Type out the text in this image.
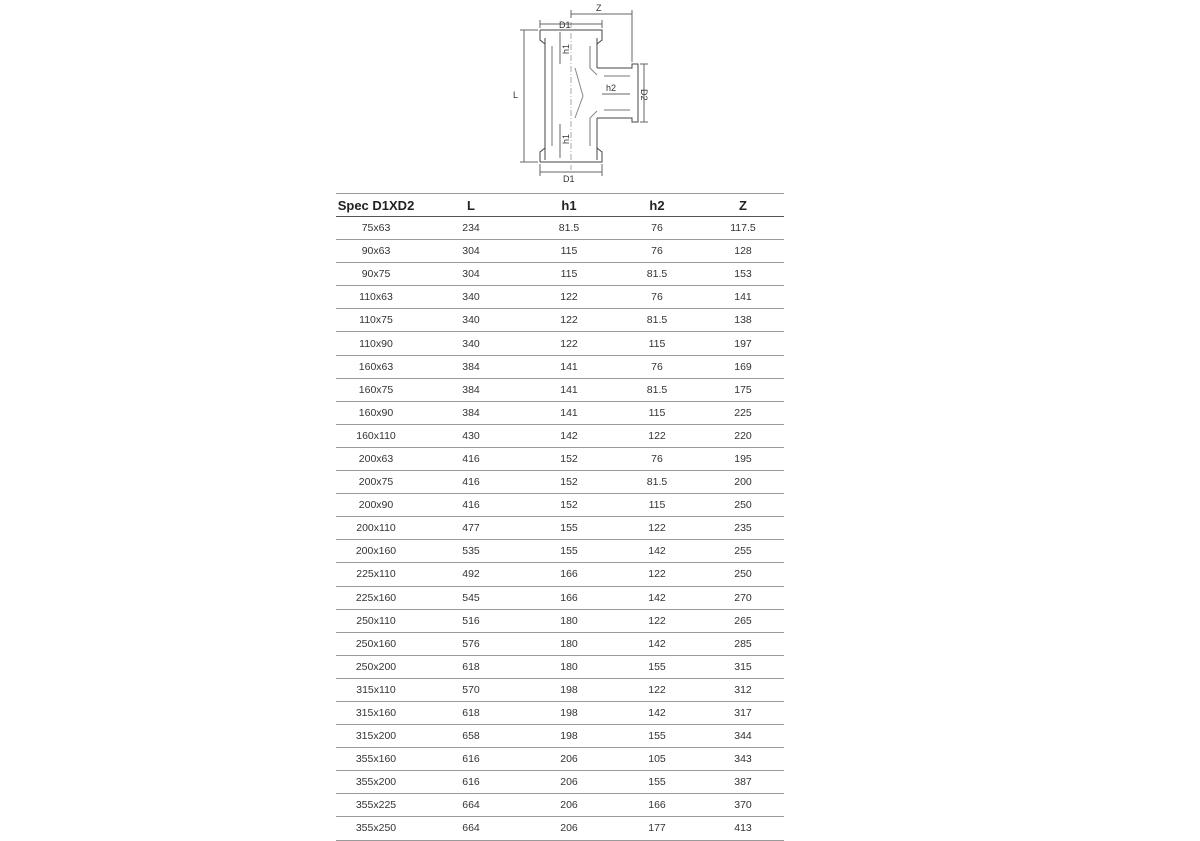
Z
D1
L
h1
h2
D2
h1
D1
Spec D1XD2	L	h1	h2	Z
75x63	234	81.5	76	117.5
90x63	304	115	76	128
90x75	304	115	81.5	153
110x63	340	122	76	141
110x75	340	122	81.5	138
110x90	340	122	115	197
160x63	384	141	76	169
160x75	384	141	81.5	175
160x90	384	141	115	225
160x110	430	142	122	220
200x63	416	152	76	195
200x75	416	152	81.5	200
200x90	416	152	115	250
200x110	477	155	122	235
200x160	535	155	142	255
225x110	492	166	122	250
225x160	545	166	142	270
250x110	516	180	122	265
250x160	576	180	142	285
250x200	618	180	155	315
315x110	570	198	122	312
315x160	618	198	142	317
315x200	658	198	155	344
355x160	616	206	105	343
355x200	616	206	155	387
355x225	664	206	166	370
355x250	664	206	177	413
